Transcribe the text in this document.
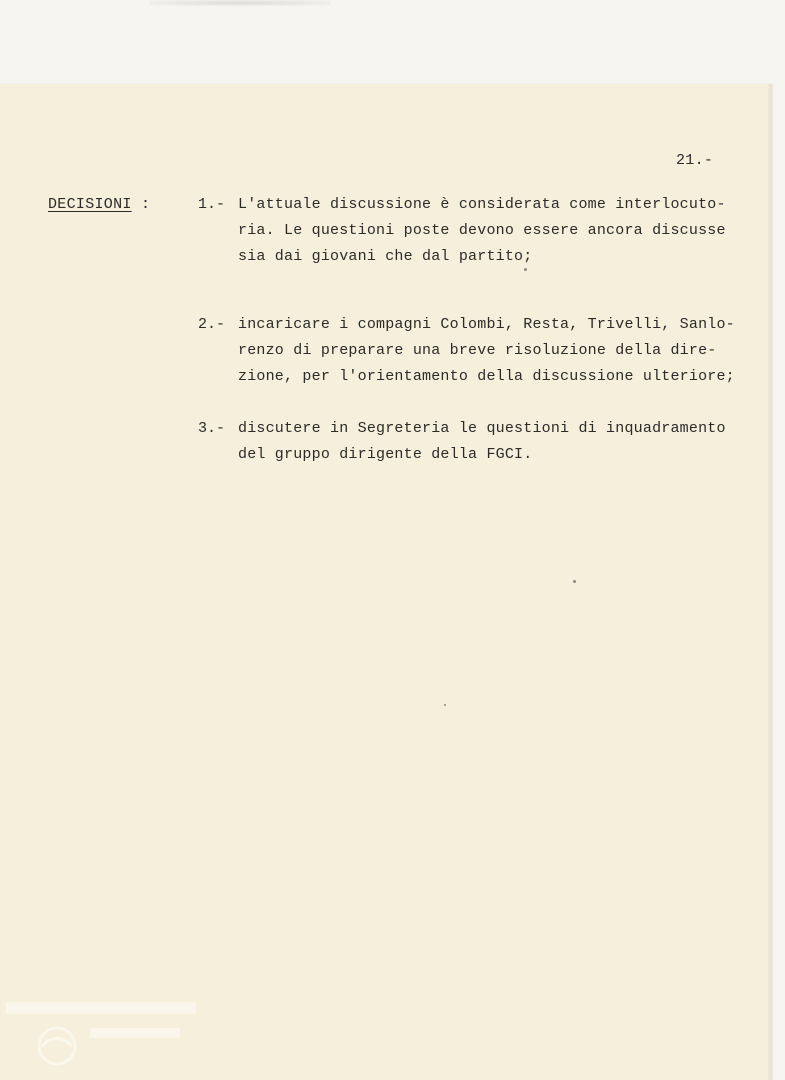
21.-
DECISIONI :	1.- L'attuale discussione è considerata come interlocuto-
ria. Le questioni poste devono essere ancora discusse
sia dai giovani che dal partito;
2.- incaricare i compagni Colombi, Resta, Trivelli, Sanlo-
renzo di preparare una breve risoluzione della dire-
zione, per l'orientamento della discussione ulteriore;
3.- discutere in Segreteria le questioni di inquadramento
del gruppo dirigente della FGCI.
